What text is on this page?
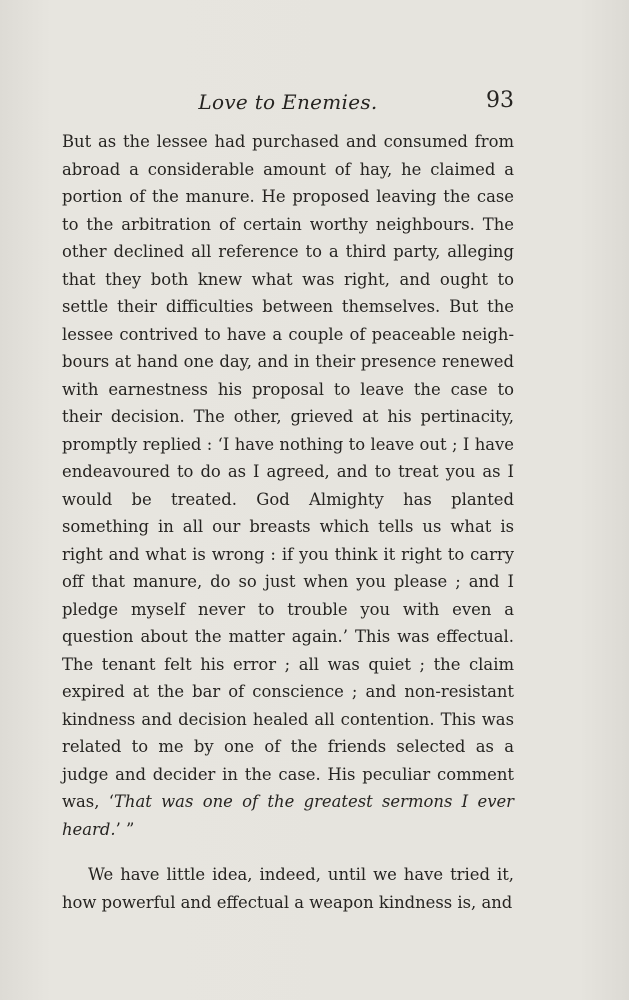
Love to Enemies.	93

But as the lessee had purchased and consumed from abroad a considerable amount of hay, he claimed a portion of the manure. He proposed leaving the case to the arbitration of certain worthy neighbours. The other declined all reference to a third party, alleging that they both knew what was right, and ought to settle their difficulties between themselves. But the lessee contrived to have a couple of peaceable neighbours at hand one day, and in their presence renewed with earnestness his proposal to leave the case to their decision. The other, grieved at his pertinacity, promptly replied : ‘I have nothing to leave out ; I have endeavoured to do as I agreed, and to treat you as I would be treated. God Almighty has planted something in all our breasts which tells us what is right and what is wrong : if you think it right to carry off that manure, do so just when you please ; and I pledge myself never to trouble you with even a question about the matter again.’ This was effectual. The tenant felt his error ; all was quiet ; the claim expired at the bar of conscience ; and non-resistant kindness and decision healed all contention. This was related to me by one of the friends selected as a judge and decider in the case. His peculiar comment was, ‘That was one of the greatest sermons I ever heard.’ ”

We have little idea, indeed, until we have tried it, how powerful and effectual a weapon kindness is, and
